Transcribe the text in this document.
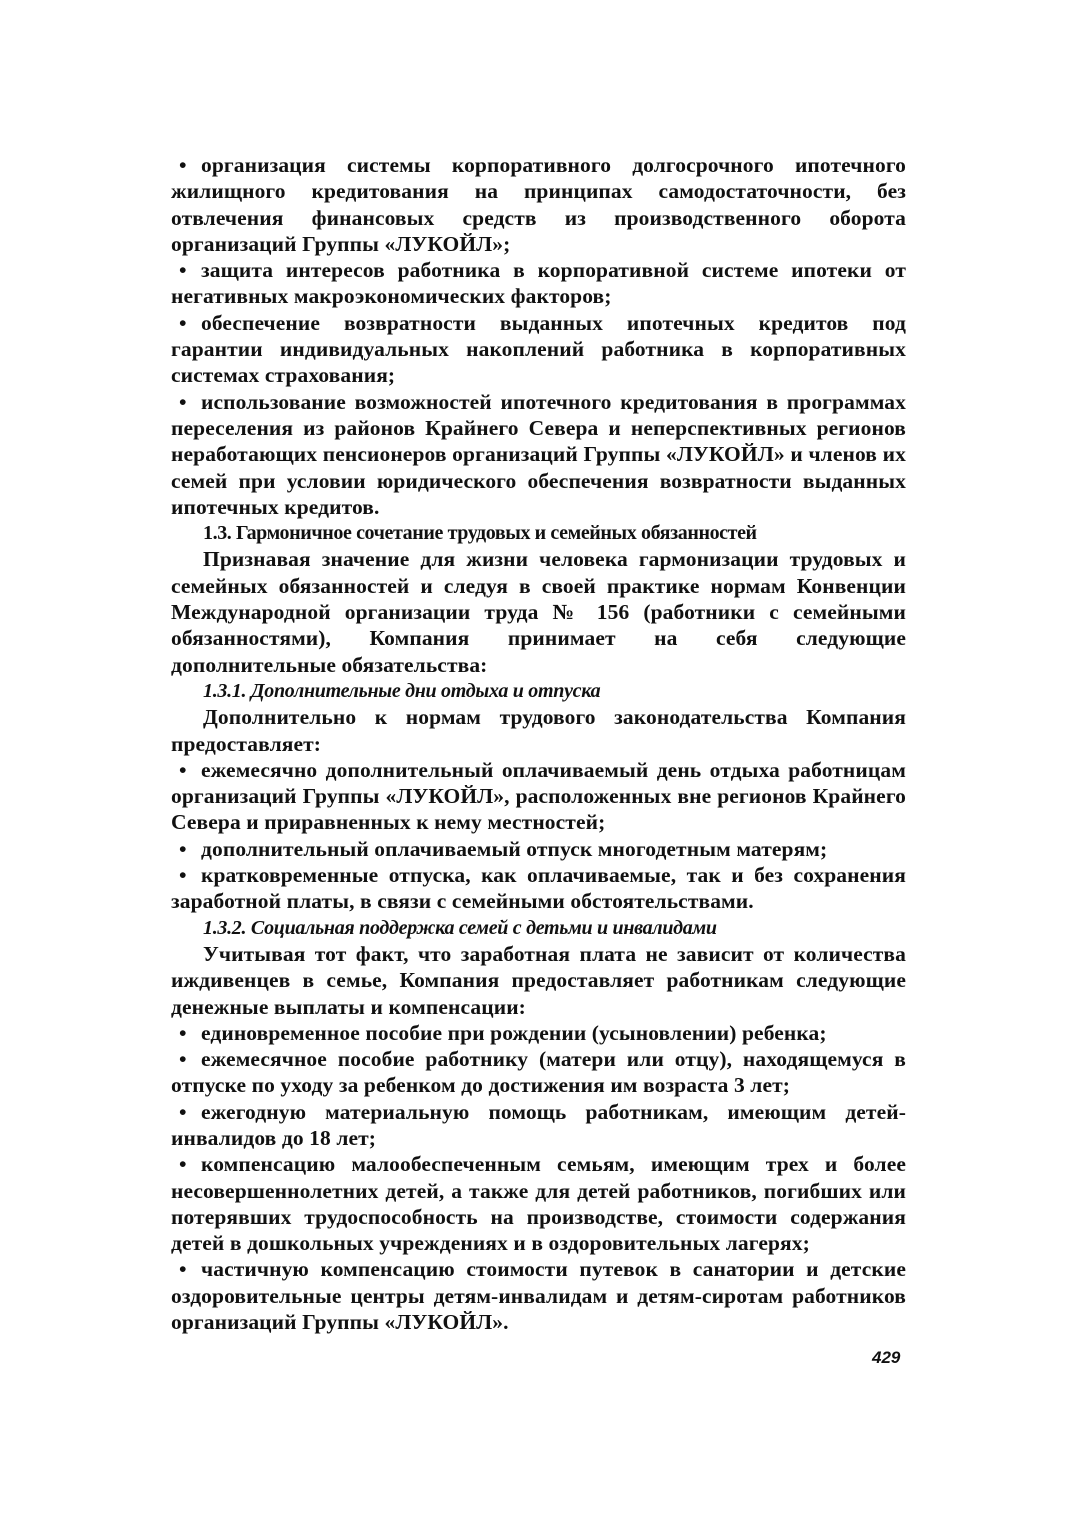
• организация системы корпоративного долгосрочного ипотечного жилищного кредитования на принципах самодостаточности, без отвлечения финансовых средств из производственного оборота организаций Группы «ЛУКОЙЛ»;

• защита интересов работника в корпоративной системе ипотеки от негативных макроэкономических факторов;

• обеспечение возвратности выданных ипотечных кредитов под гарантии индивидуальных накоплений работника в корпоративных системах страхования;

• использование возможностей ипотечного кредитования в программах переселения из районов Крайнего Севера и неперспективных регионов неработающих пенсионеров организаций Группы «ЛУКОЙЛ» и членов их семей при условии юридического обеспечения возвратности выданных ипотечных кредитов.

1.3. Гармоничное сочетание трудовых и семейных обязанностей

Признавая значение для жизни человека гармонизации трудовых и семейных обязанностей и следуя в своей практике нормам Конвенции Международной организации труда № 156 (работники с семейными обязанностями), Компания принимает на себя следующие дополнительные обязательства:

1.3.1. Дополнительные дни отдыха и отпуска

Дополнительно к нормам трудового законодательства Компания предоставляет:

• ежемесячно дополнительный оплачиваемый день отдыха работницам организаций Группы «ЛУКОЙЛ», расположенных вне регионов Крайнего Севера и приравненных к нему местностей;

• дополнительный оплачиваемый отпуск многодетным матерям;

• кратковременные отпуска, как оплачиваемые, так и без сохранения заработной платы, в связи с семейными обстоятельствами.

1.3.2. Социальная поддержка семей с детьми и инвалидами

Учитывая тот факт, что заработная плата не зависит от количества иждивенцев в семье, Компания предоставляет работникам следующие денежные выплаты и компенсации:

• единовременное пособие при рождении (усыновлении) ребенка;

• ежемесячное пособие работнику (матери или отцу), находящемуся в отпуске по уходу за ребенком до достижения им возраста 3 лет;

• ежегодную материальную помощь работникам, имеющим детей-инвалидов до 18 лет;

• компенсацию малообеспеченным семьям, имеющим трех и более несовершеннолетних детей, а также для детей работников, погибших или потерявших трудоспособность на производстве, стоимости содержания детей в дошкольных учреждениях и в оздоровительных лагерях;

• частичную компенсацию стоимости путевок в санатории и детские оздоровительные центры детям-инвалидам и детям-сиротам работников организаций Группы «ЛУКОЙЛ».

429
